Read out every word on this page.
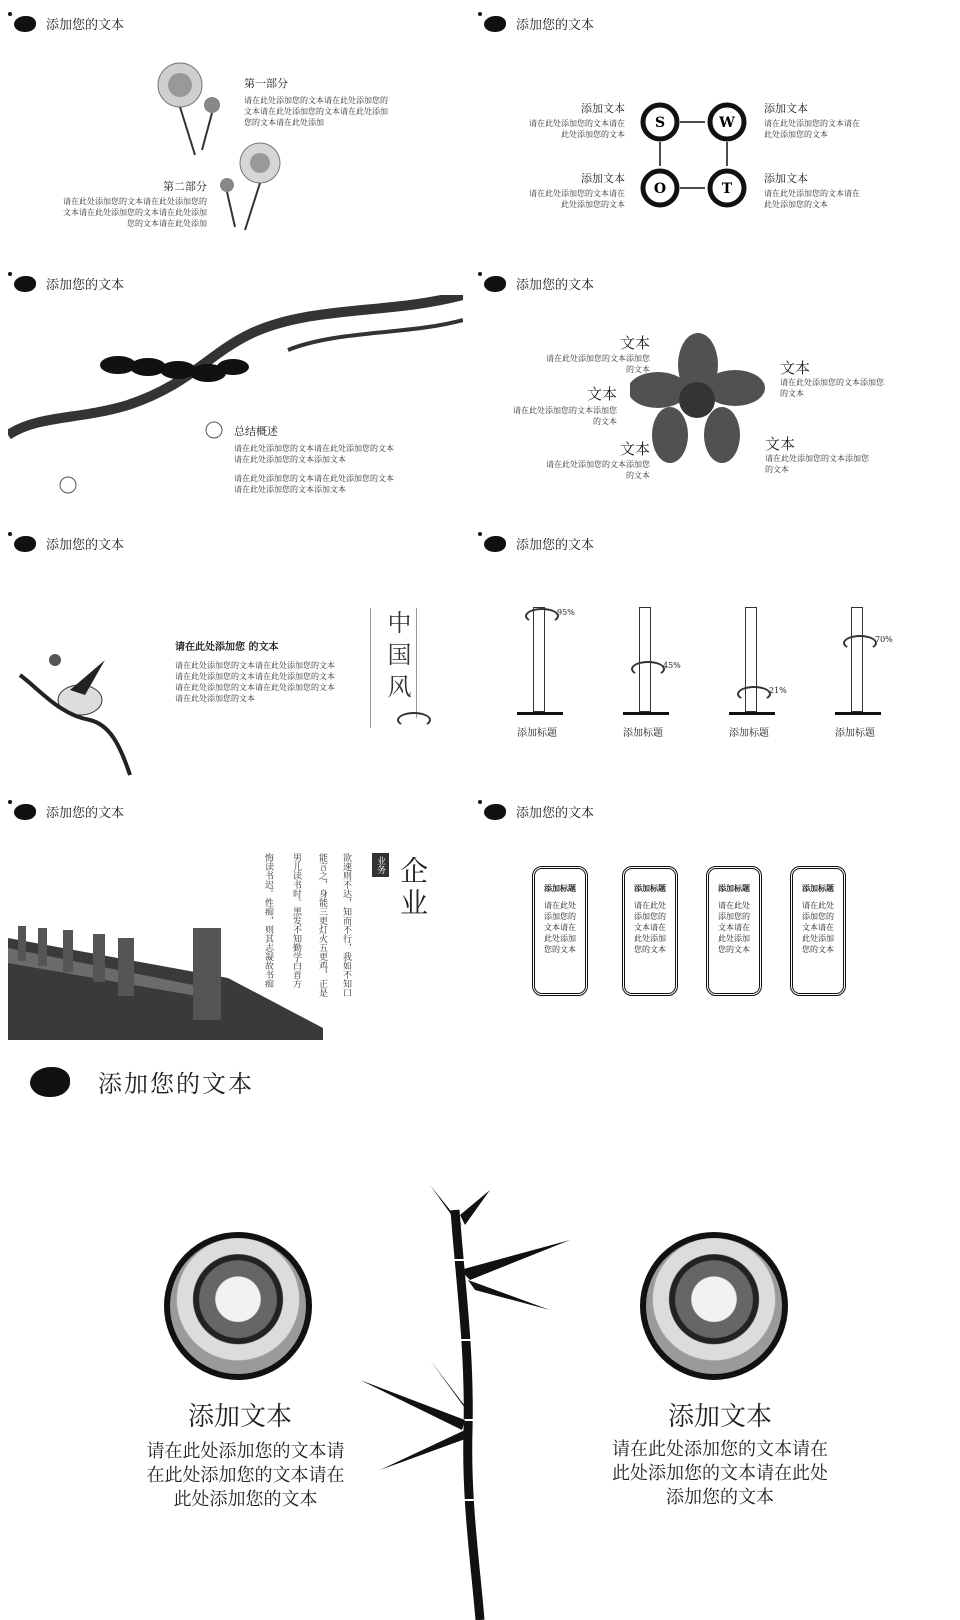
添加您的文本
第一部分
请在此处添加您的文本请在此处添加您的文本请在此处添加您的文本请在此处添加您的文本请在此处添加
第二部分
请在此处添加您的文本请在此处添加您的文本请在此处添加您的文本请在此处添加您的文本请在此处添加
添加您的文本
S	W
O	T
添加文本
请在此处添加您的文本请在此处添加您的文本
添加文本
请在此处添加您的文本请在此处添加您的文本
添加文本
请在此处添加您的文本请在此处添加您的文本
添加文本
请在此处添加您的文本请在此处添加您的文本
添加您的文本
总结概述
请在此处添加您的文本请在此处添加您的文本请在此处添加您的文本添加文本
请在此处添加您的文本请在此处添加您的文本请在此处添加您的文本添加文本
添加您的文本
文本
请在此处添加您的文本添加您的文本
文本
请在此处添加您的文本添加您的文本
文本
请在此处添加您的文本添加您的文本
文本
请在此处添加您的文本添加您的文本
文本
请在此处添加您的文本添加您的文本
添加您的文本
请在此处添加您 的文本
请在此处添加您的文本请在此处添加您的文本请在此处添加您的文本请在此处添加您的文本请在此处添加您的文本请在此处添加您的文本请在此处添加您的文本	中国风
添加您的文本
95%
添加标题
45%
添加标题
21%
添加标题
70%
添加标题
添加您的文本
欲速则不达，知而不行，我如不知口
能言之，身能三更灯火五更鸡，正是
男儿读书时。黑发不知勤学白首方
悔读书迟。性痴，则其志凝故书痴	业务 企业
添加您的文本
添加标题
请在此处添加您的文本请在此处添加您的文本
添加标题
请在此处添加您的文本请在此处添加您的文本
添加标题
请在此处添加您的文本请在此处添加您的文本
添加标题
请在此处添加您的文本请在此处添加您的文本
添加您的文本
添加文本
请在此处添加您的文本请在此处添加您的文本请在此处添加您的文本
添加文本
请在此处添加您的文本请在此处添加您的文本请在此处添加您的文本
